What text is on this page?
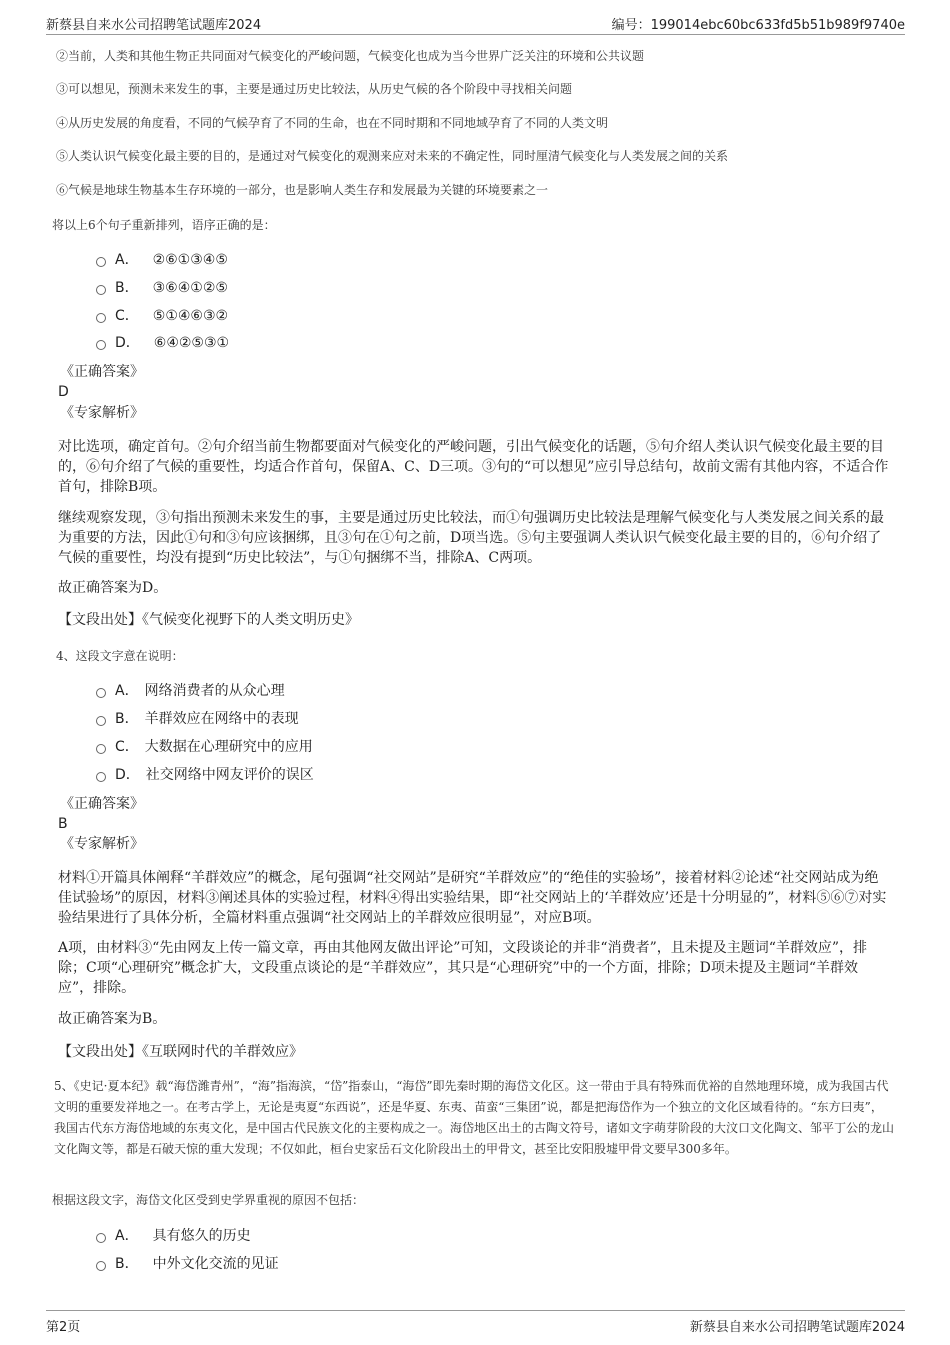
新蔡县自来水公司招聘笔试题库2024	编号：199014ebc60bc633fd5b51b989f9740e
②当前，人类和其他生物正共同面对气候变化的严峻问题，气候变化也成为当今世界广泛关注的环境和公共议题
③可以想见，预测未来发生的事，主要是通过历史比较法，从历史气候的各个阶段中寻找相关问题
④从历史发展的角度看，不同的气候孕育了不同的生命，也在不同时期和不同地域孕育了不同的人类文明
⑤人类认识气候变化最主要的目的，是通过对气候变化的观测来应对未来的不确定性，同时厘清气候变化与人类发展之间的关系
⑥气候是地球生物基本生存环境的一部分，也是影响人类生存和发展最为关键的环境要素之一
将以上6个句子重新排列，语序正确的是：
A． ②⑥①③④⑤
B． ③⑥④①②⑤
C． ⑤①④⑥③②
D． ⑥④②⑤③①
《正确答案》
D
《专家解析》
对比选项，确定首句。②句介绍当前生物都要面对气候变化的严峻问题，引出气候变化的话题，⑤句介绍人类认识气候变化最主要的目的，⑥句介绍了气候的重要性，均适合作首句，保留A、C、D三项。③句的“可以想见”应引导总结句，故前文需有其他内容，不适合作首句，排除B项。
继续观察发现，③句指出预测未来发生的事，主要是通过历史比较法，而①句强调历史比较法是理解气候变化与人类发展之间关系的最为重要的方法，因此①句和③句应该捆绑，且③句在①句之前，D项当选。⑤句主要强调人类认识气候变化最主要的目的，⑥句介绍了气候的重要性，均没有提到“历史比较法”，与①句捆绑不当，排除A、C两项。
故正确答案为D。
【文段出处】《气候变化视野下的人类文明历史》
4、这段文字意在说明：
A． 网络消费者的从众心理
B． 羊群效应在网络中的表现
C． 大数据在心理研究中的应用
D． 社交网络中网友评价的误区
《正确答案》
B
《专家解析》
材料①开篇具体阐释“羊群效应”的概念，尾句强调“社交网站”是研究“羊群效应”的“绝佳的实验场”，接着材料②论述“社交网站成为绝佳试验场”的原因，材料③阐述具体的实验过程，材料④得出实验结果，即“社交网站上的‘羊群效应’还是十分明显的”，材料⑤⑥⑦对实验结果进行了具体分析，全篇材料重点强调“社交网站上的羊群效应很明显”，对应B项。
A项，由材料③“先由网友上传一篇文章，再由其他网友做出评论”可知，文段谈论的并非“消费者”，且未提及主题词“羊群效应”，排除；C项“心理研究”概念扩大，文段重点谈论的是“羊群效应”，其只是“心理研究”中的一个方面，排除；D项未提及主题词“羊群效应”，排除。
故正确答案为B。
【文段出处】《互联网时代的羊群效应》
5、《史记·夏本纪》载“海岱潍青州”，“海”指海滨，“岱”指泰山，“海岱”即先秦时期的海岱文化区。这一带由于具有特殊而优裕的自然地理环境，成为我国古代文明的重要发祥地之一。在考古学上，无论是夷夏“东西说”，还是华夏、东夷、苗蛮“三集团”说，都是把海岱作为一个独立的文化区域看待的。“东方曰夷”，我国古代东方海岱地域的东夷文化，是中国古代民族文化的主要构成之一。海岱地区出土的古陶文符号，诸如文字萌芽阶段的大汶口文化陶文、邹平丁公的龙山文化陶文等，都是石破天惊的重大发现；不仅如此，桓台史家岳石文化阶段出土的甲骨文，甚至比安阳殷墟甲骨文要早300多年。
根据这段文字，海岱文化区受到史学界重视的原因不包括：
A． 具有悠久的历史
B． 中外文化交流的见证
第2页	新蔡县自来水公司招聘笔试题库2024
